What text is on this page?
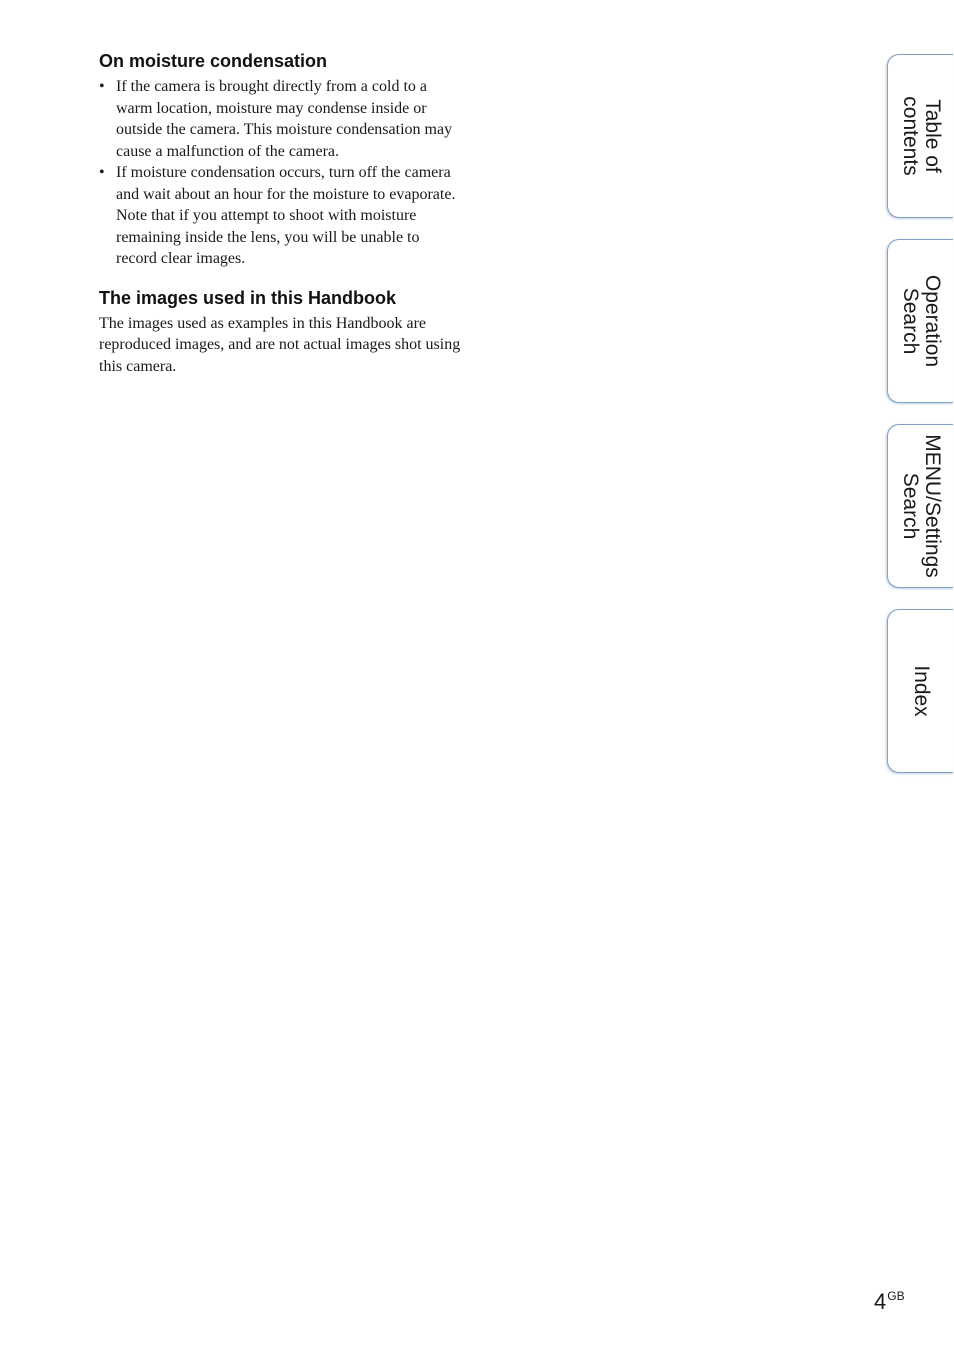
On moisture condensation
• If the camera is brought directly from a cold to a warm location, moisture may condense inside or outside the camera. This moisture condensation may cause a malfunction of the camera.
• If moisture condensation occurs, turn off the camera and wait about an hour for the moisture to evaporate. Note that if you attempt to shoot with moisture remaining inside the lens, you will be unable to record clear images.
The images used in this Handbook

The images used as examples in this Handbook are reproduced images, and are not actual images shot using this camera.

Table of
contents
Operation
Search
MENU/Settings
Search
Index
$4^{GB}$
